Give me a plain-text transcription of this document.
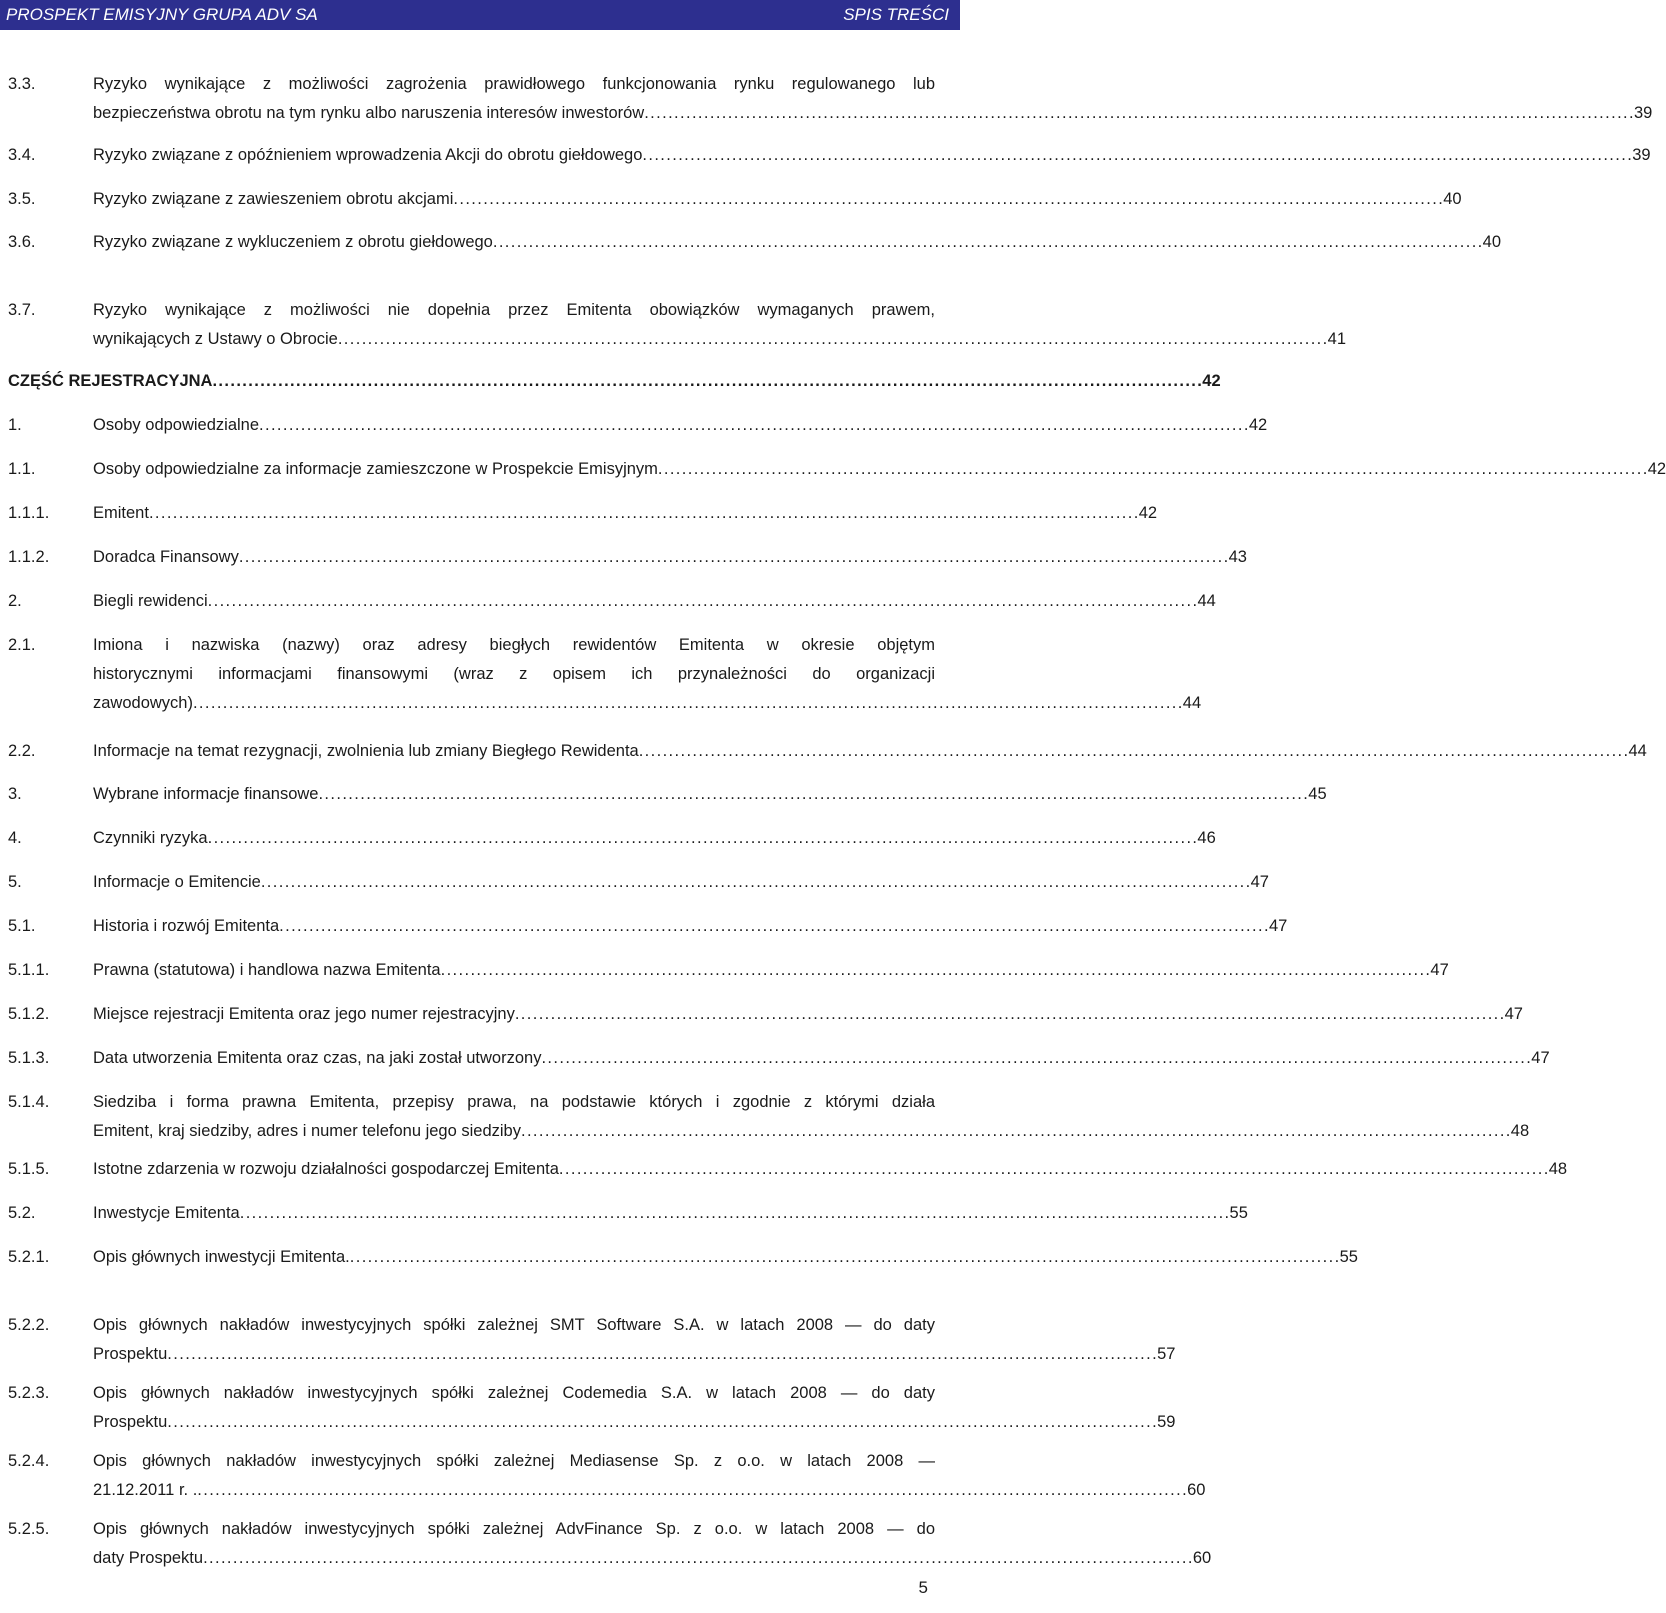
PROSPEKT EMISYJNY GRUPA ADV SA	SPIS TREŚCI
3.3.	Ryzyko wynikające z możliwości zagrożenia prawidłowego funkcjonowania rynku regulowanego lub
bezpieczeństwa obrotu na tym rynku albo naruszenia interesów inwestorów . . .	39
3.4.	Ryzyko związane z opóźnieniem wprowadzenia Akcji do obrotu giełdowego . . .	39
3.5.	Ryzyko związane z zawieszeniem obrotu akcjami . . .	40
3.6.	Ryzyko związane z wykluczeniem z obrotu giełdowego . . .	40
3.7.	Ryzyko wynikające z możliwości nie dopełnia przez Emitenta obowiązków wymaganych prawem,
wynikających z Ustawy o Obrocie . . .	41
CZĘŚĆ REJESTRACYJNA . . .	42
1.	Osoby odpowiedzialne . . .	42
1.1.	Osoby odpowiedzialne za informacje zamieszczone w Prospekcie Emisyjnym . . .	42
1.1.1.	Emitent . . .	42
1.1.2.	Doradca Finansowy . . .	43
2.	Biegli rewidenci . . .	44
2.1.	Imiona i nazwiska (nazwy) oraz adresy biegłych rewidentów Emitenta w okresie objętym
historycznymi informacjami finansowymi (wraz z opisem ich przynależności do organizacji
zawodowych) . . .	44
2.2.	Informacje na temat rezygnacji, zwolnienia lub zmiany Biegłego Rewidenta . . .	44
3.	Wybrane informacje finansowe . . .	45
4.	Czynniki ryzyka . . .	46
5.	Informacje o Emitencie . . .	47
5.1.	Historia i rozwój Emitenta . . .	47
5.1.1.	Prawna (statutowa) i handlowa nazwa Emitenta . . .	47
5.1.2.	Miejsce rejestracji Emitenta oraz jego numer rejestracyjny . . .	47
5.1.3.	Data utworzenia Emitenta oraz czas, na jaki został utworzony . . .	47
5.1.4.	Siedziba i forma prawna Emitenta, przepisy prawa, na podstawie których i zgodnie z którymi działa
Emitent, kraj siedziby, adres i numer telefonu jego siedziby . . .	48
5.1.5.	Istotne zdarzenia w rozwoju działalności gospodarczej Emitenta . . .	48
5.2.	Inwestycje Emitenta . . .	55
5.2.1.	Opis głównych inwestycji Emitenta. . . .	55
5.2.2.	Opis głównych nakładów inwestycyjnych spółki zależnej SMT Software S.A. w latach 2008 — do daty
Prospektu . . .	57
5.2.3.	Opis głównych nakładów inwestycyjnych spółki zależnej Codemedia S.A. w latach 2008 — do daty
Prospektu . . .	59
5.2.4.	Opis głównych nakładów inwestycyjnych spółki zależnej Mediasense Sp. z o.o. w latach 2008 —
21.12.2011 r. . . . .	60
5.2.5.	Opis głównych nakładów inwestycyjnych spółki zależnej AdvFinance Sp. z o.o. w latach 2008 — do
daty Prospektu . . .	60
5
